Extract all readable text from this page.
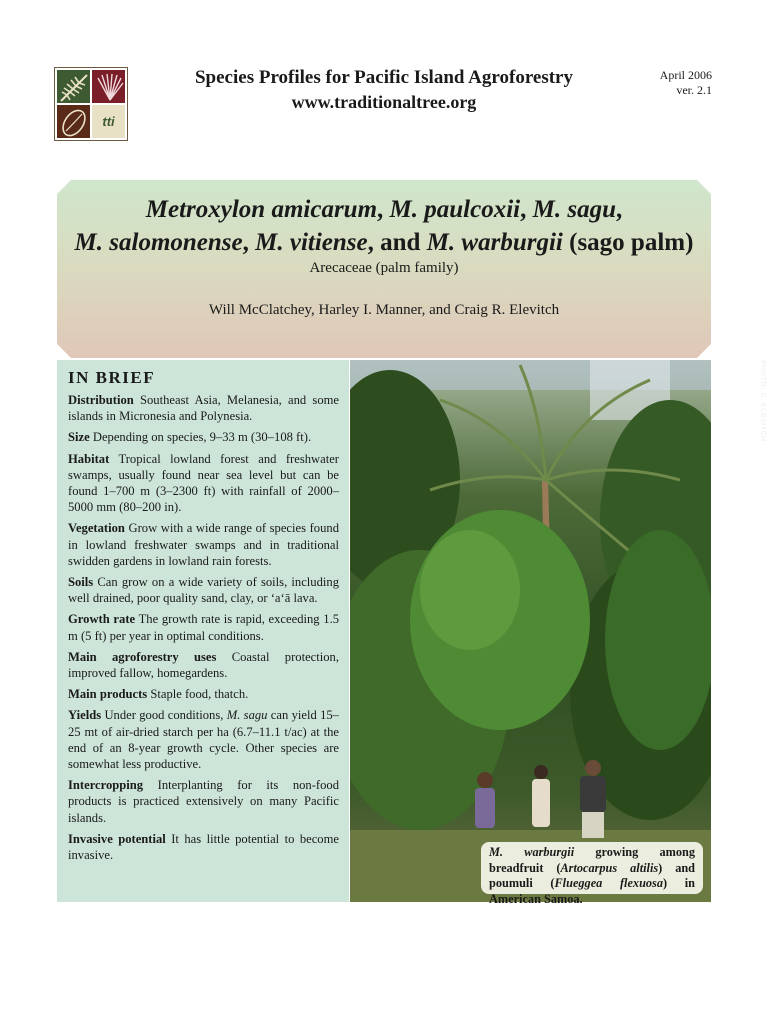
tti
Species Profiles for Pacific Island Agroforestry
www.traditionaltree.org
April 2006
ver. 2.1
Metroxylon amicarum, M. paulcoxii, M. sagu,
M. salomonense, M. vitiense, and M. warburgii (sago palm)
Arecaceae (palm family)
Will McClatchey, Harley I. Manner, and Craig R. Elevitch
IN BRIEF

Distribution Southeast Asia, Melanesia, and some islands in Micronesia and Polynesia.

Size Depending on species, 9–33 m (30–108 ft).

Habitat Tropical lowland forest and freshwater swamps, usually found near sea level but can be found 1–700 m (3–2300 ft) with rainfall of 2000–5000 mm (80–200 in).

Vegetation Grow with a wide range of species found in lowland freshwater swamps and in traditional swidden gardens in lowland rain forests.

Soils Can grow on a wide variety of soils, including well drained, poor quality sand, clay, or ‘a‘ā lava.

Growth rate The growth rate is rapid, exceeding 1.5 m (5 ft) per year in optimal conditions.

Main agroforestry uses Coastal protection, improved fallow, homegardens.

Main products Staple food, thatch.

Yields Under good conditions, M. sagu can yield 15–25 mt of air-dried starch per ha (6.7–11.1 t/ac) at the end of an 8-year growth cycle. Other species are somewhat less productive.

Intercropping Interplanting for its non-food products is practiced extensively on many Pacific islands.

Invasive potential It has little potential to become invasive.

PHOTO: C. ELEVITCH
M. warburgii growing among breadfruit (Artocarpus altilis) and poumuli (Flueggea flexuosa) in American Samoa.
